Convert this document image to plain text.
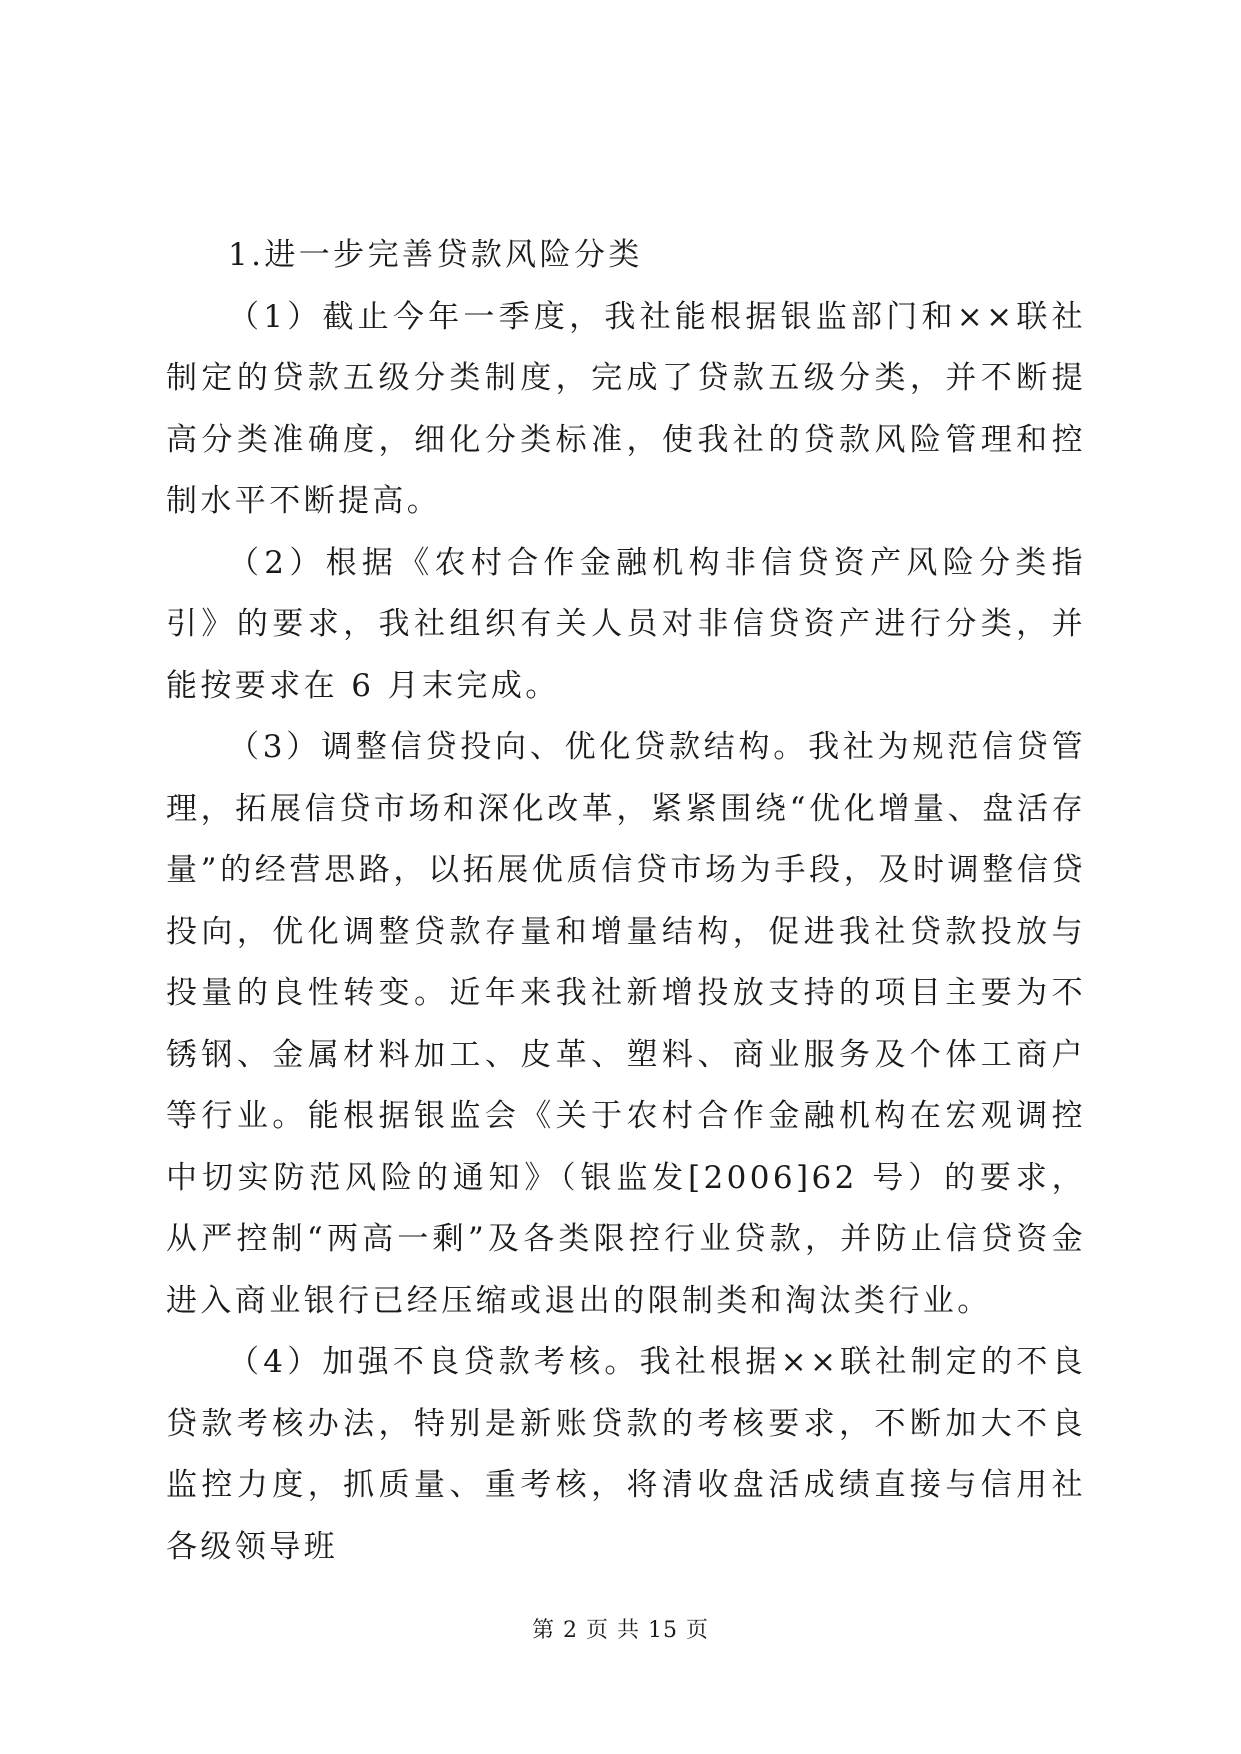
1.进一步完善贷款风险分类

（1）截止今年一季度，我社能根据银监部门和××联社制定的贷款五级分类制度，完成了贷款五级分类，并不断提高分类准确度，细化分类标准，使我社的贷款风险管理和控制水平不断提高。

（2）根据《农村合作金融机构非信贷资产风险分类指引》的要求，我社组织有关人员对非信贷资产进行分类，并能按要求在 6 月末完成。

（3）调整信贷投向、优化贷款结构。我社为规范信贷管理，拓展信贷市场和深化改革，紧紧围绕“优化增量、盘活存量”的经营思路，以拓展优质信贷市场为手段，及时调整信贷投向，优化调整贷款存量和增量结构，促进我社贷款投放与投量的良性转变。近年来我社新增投放支持的项目主要为不锈钢、金属材料加工、皮革、塑料、商业服务及个体工商户等行业。能根据银监会《关于农村合作金融机构在宏观调控中切实防范风险的通知》（银监发[2006]62 号）的要求，从严控制“两高一剩”及各类限控行业贷款，并防止信贷资金进入商业银行已经压缩或退出的限制类和淘汰类行业。

（4）加强不良贷款考核。我社根据××联社制定的不良贷款考核办法，特别是新账贷款的考核要求，不断加大不良监控力度，抓质量、重考核，将清收盘活成绩直接与信用社各级领导班

第 2 页 共 15 页
